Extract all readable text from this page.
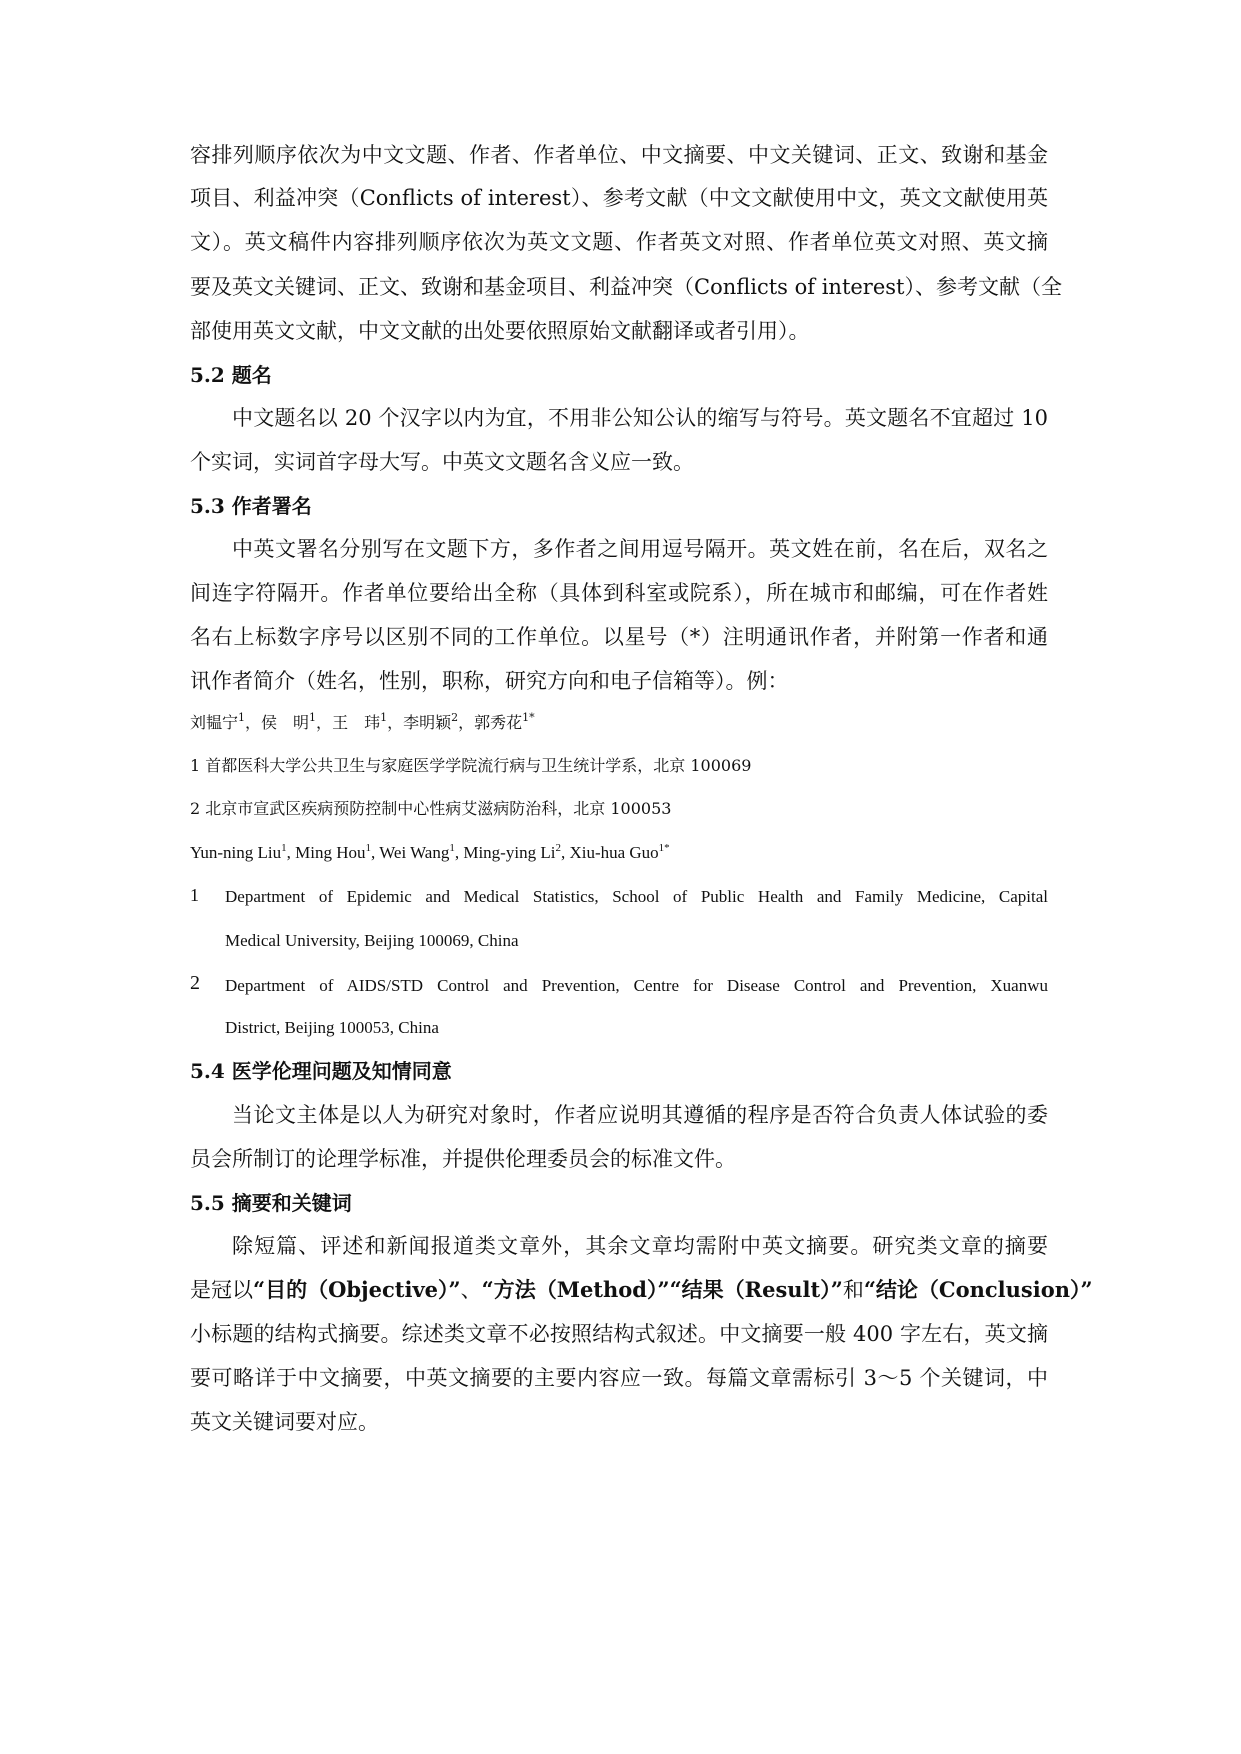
容排列顺序依次为中文文题、作者、作者单位、中文摘要、中文关键词、正文、致谢和基金
项目、利益冲突（Conflicts of interest）、参考文献（中文文献使用中文，英文文献使用英
文）。英文稿件内容排列顺序依次为英文文题、作者英文对照、作者单位英文对照、英文摘
要及英文关键词、正文、致谢和基金项目、利益冲突（Conflicts of interest）、参考文献（全
部使用英文文献，中文文献的出处要依照原始文献翻译或者引用）。
5.2 题名
中文题名以 20 个汉字以内为宜，不用非公知公认的缩写与符号。英文题名不宜超过 10
个实词，实词首字母大写。中英文文题名含义应一致。
5.3 作者署名
中英文署名分别写在文题下方，多作者之间用逗号隔开。英文姓在前，名在后，双名之
间连字符隔开。作者单位要给出全称（具体到科室或院系），所在城市和邮编，可在作者姓
名右上标数字序号以区别不同的工作单位。以星号（*）注明通讯作者，并附第一作者和通
讯作者简介（姓名，性别，职称，研究方向和电子信箱等）。例：
刘韫宁$^1$，侯　明$^1$，王　玮$^1$，李明颖$^2$，郭秀花$^{1*}$
1 首都医科大学公共卫生与家庭医学学院流行病与卫生统计学系，北京 100069
2 北京市宣武区疾病预防控制中心性病艾滋病防治科，北京 100053
Yun-ning Liu$^1$, Ming Hou$^1$, Wei Wang$^1$, Ming-ying Li$^2$, Xiu-hua Guo$^{1*}$
1 Department of Epidemic and Medical Statistics, School of Public Health and Family Medicine, Capital
Medical University, Beijing 100069, China
2 Department of AIDS/STD Control and Prevention, Centre for Disease Control and Prevention, Xuanwu
District, Beijing 100053, China
5.4 医学伦理问题及知情同意
当论文主体是以人为研究对象时，作者应说明其遵循的程序是否符合负责人体试验的委
员会所制订的论理学标准，并提供伦理委员会的标准文件。
5.5 摘要和关键词
除短篇、评述和新闻报道类文章外，其余文章均需附中英文摘要。研究类文章的摘要
是冠以“目的（Objective）”、“方法（Method）”“结果（Result）”和“结论（Conclusion）”
小标题的结构式摘要。综述类文章不必按照结构式叙述。中文摘要一般 400 字左右，英文摘
要可略详于中文摘要，中英文摘要的主要内容应一致。每篇文章需标引 3～5 个关键词，中
英文关键词要对应。
